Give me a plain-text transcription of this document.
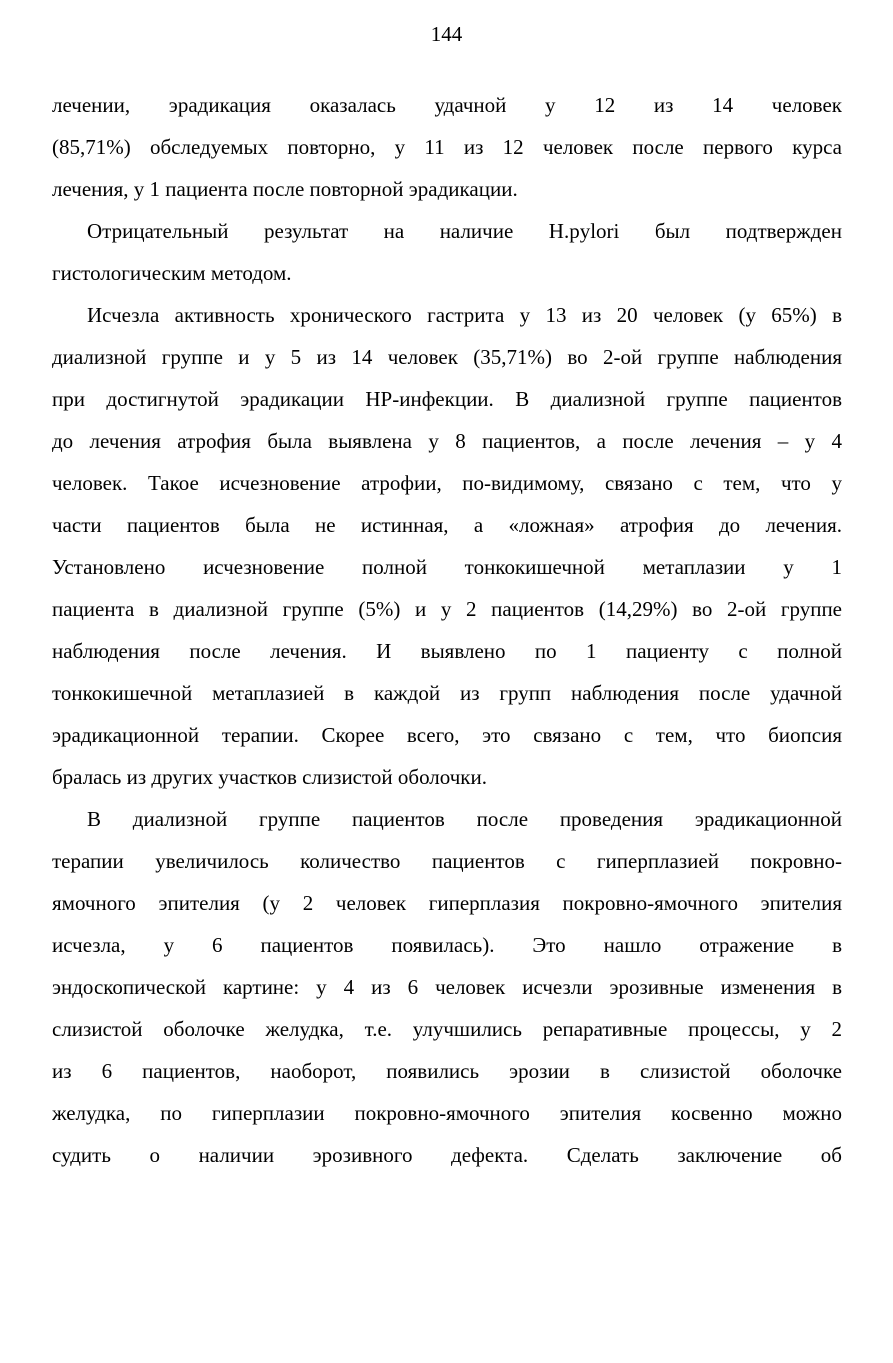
144
лечении, эрадикация оказалась удачной у 12 из 14 человек
(85,71%) обследуемых повторно, у 11 из 12 человек после первого курса
лечения, у 1 пациента после повторной эрадикации.
Отрицательный результат на наличие H.pylori был подтвержден
гистологическим методом.
Исчезла активность хронического гастрита у 13 из 20 человек (у 65%) в
диализной группе и у 5 из 14 человек (35,71%) во 2-ой группе наблюдения
при достигнутой эрадикации HP-инфекции. В диализной группе пациентов
до лечения атрофия была выявлена у 8 пациентов, а после лечения – у 4
человек. Такое исчезновение атрофии, по-видимому, связано с тем, что у
части пациентов была не истинная, а «ложная» атрофия до лечения.
Установлено исчезновение полной тонкокишечной метаплазии у 1
пациента в диализной группе (5%) и у 2 пациентов (14,29%) во 2-ой группе
наблюдения после лечения. И выявлено по 1 пациенту с полной
тонкокишечной метаплазией в каждой из групп наблюдения после удачной
эрадикационной терапии. Скорее всего, это связано с тем, что биопсия
бралась из других участков слизистой оболочки.
В диализной группе пациентов после проведения эрадикационной
терапии увеличилось количество пациентов с гиперплазией покровно-
ямочного эпителия (у 2 человек гиперплазия покровно-ямочного эпителия
исчезла, у 6 пациентов появилась). Это нашло отражение в
эндоскопической картине: у 4 из 6 человек исчезли эрозивные изменения в
слизистой оболочке желудка, т.е. улучшились репаративные процессы, у 2
из 6 пациентов, наоборот, появились эрозии в слизистой оболочке
желудка, по гиперплазии покровно-ямочного эпителия косвенно можно
судить о наличии эрозивного дефекта. Сделать заключение об
